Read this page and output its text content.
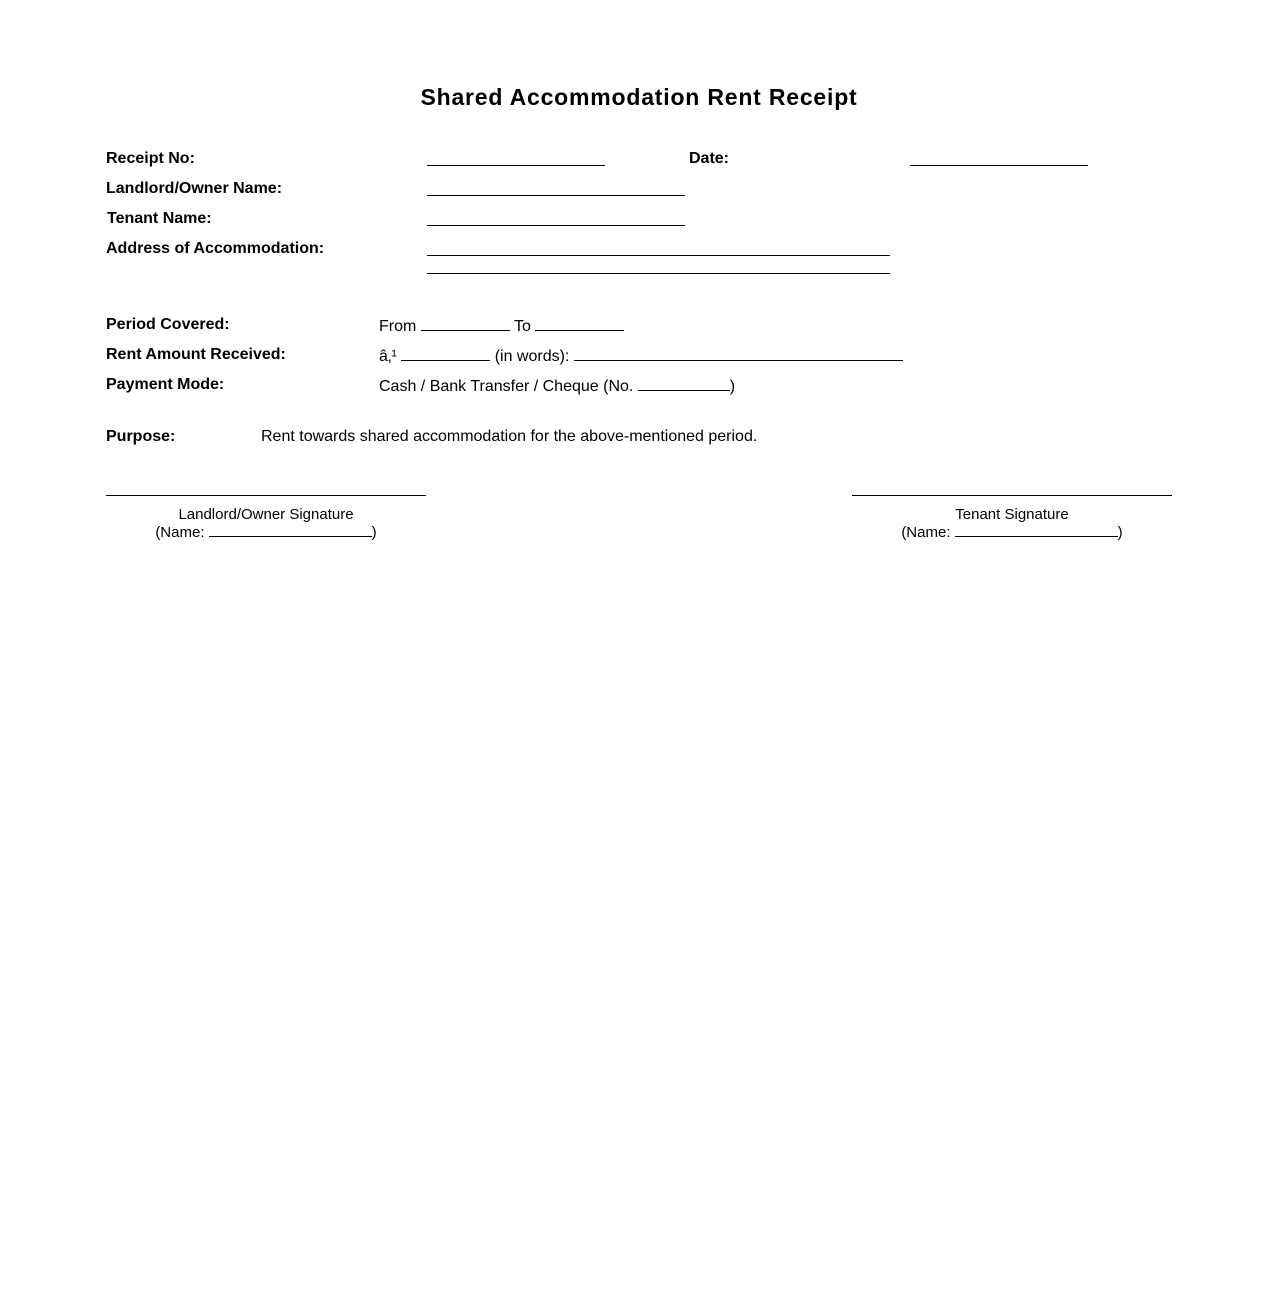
Shared Accommodation Rent Receipt
Receipt No:	Date:
Landlord/Owner Name:
Tenant Name:
Address of Accommodation:
Period Covered:	From	To
Rent Amount Received:	â‚¹	(in words):
Payment Mode:	Cash / Bank Transfer / Cheque (No.	)
Purpose:	Rent towards shared accommodation for the above-mentioned period.
Landlord/Owner Signature
(Name:	)
Tenant Signature
(Name:	)
